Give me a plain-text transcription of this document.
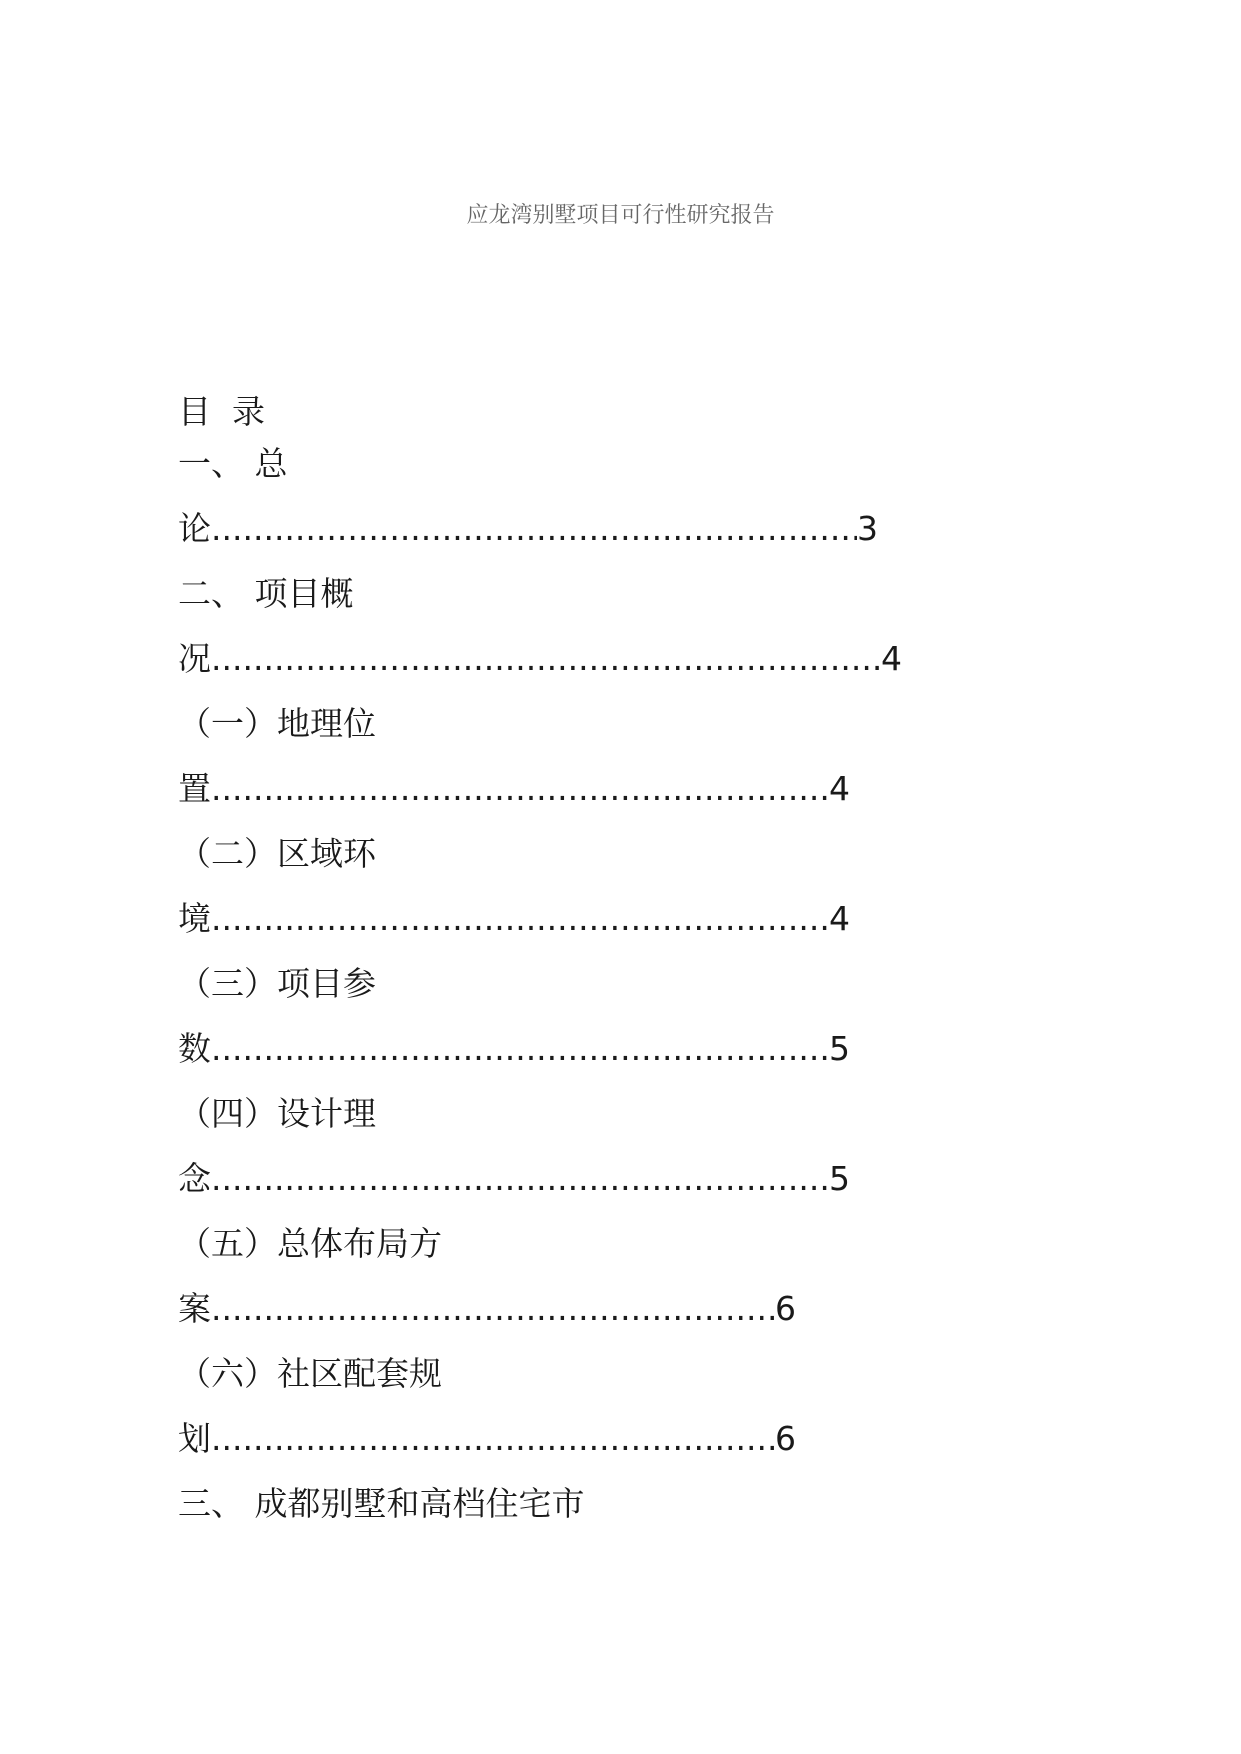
应龙湾别墅项目可行性研究报告
目  录
一、 总
论 .....	3
二、 项目概
况 .....	4
（一）地理位
置 .....	4
（二）区域环
境 .....	4
（三）项目参
数 .....	5
（四）设计理
念 .....	5
（五）总体布局方
案 .....	6
（六）社区配套规
划 .....	6
三、 成都别墅和高档住宅市
